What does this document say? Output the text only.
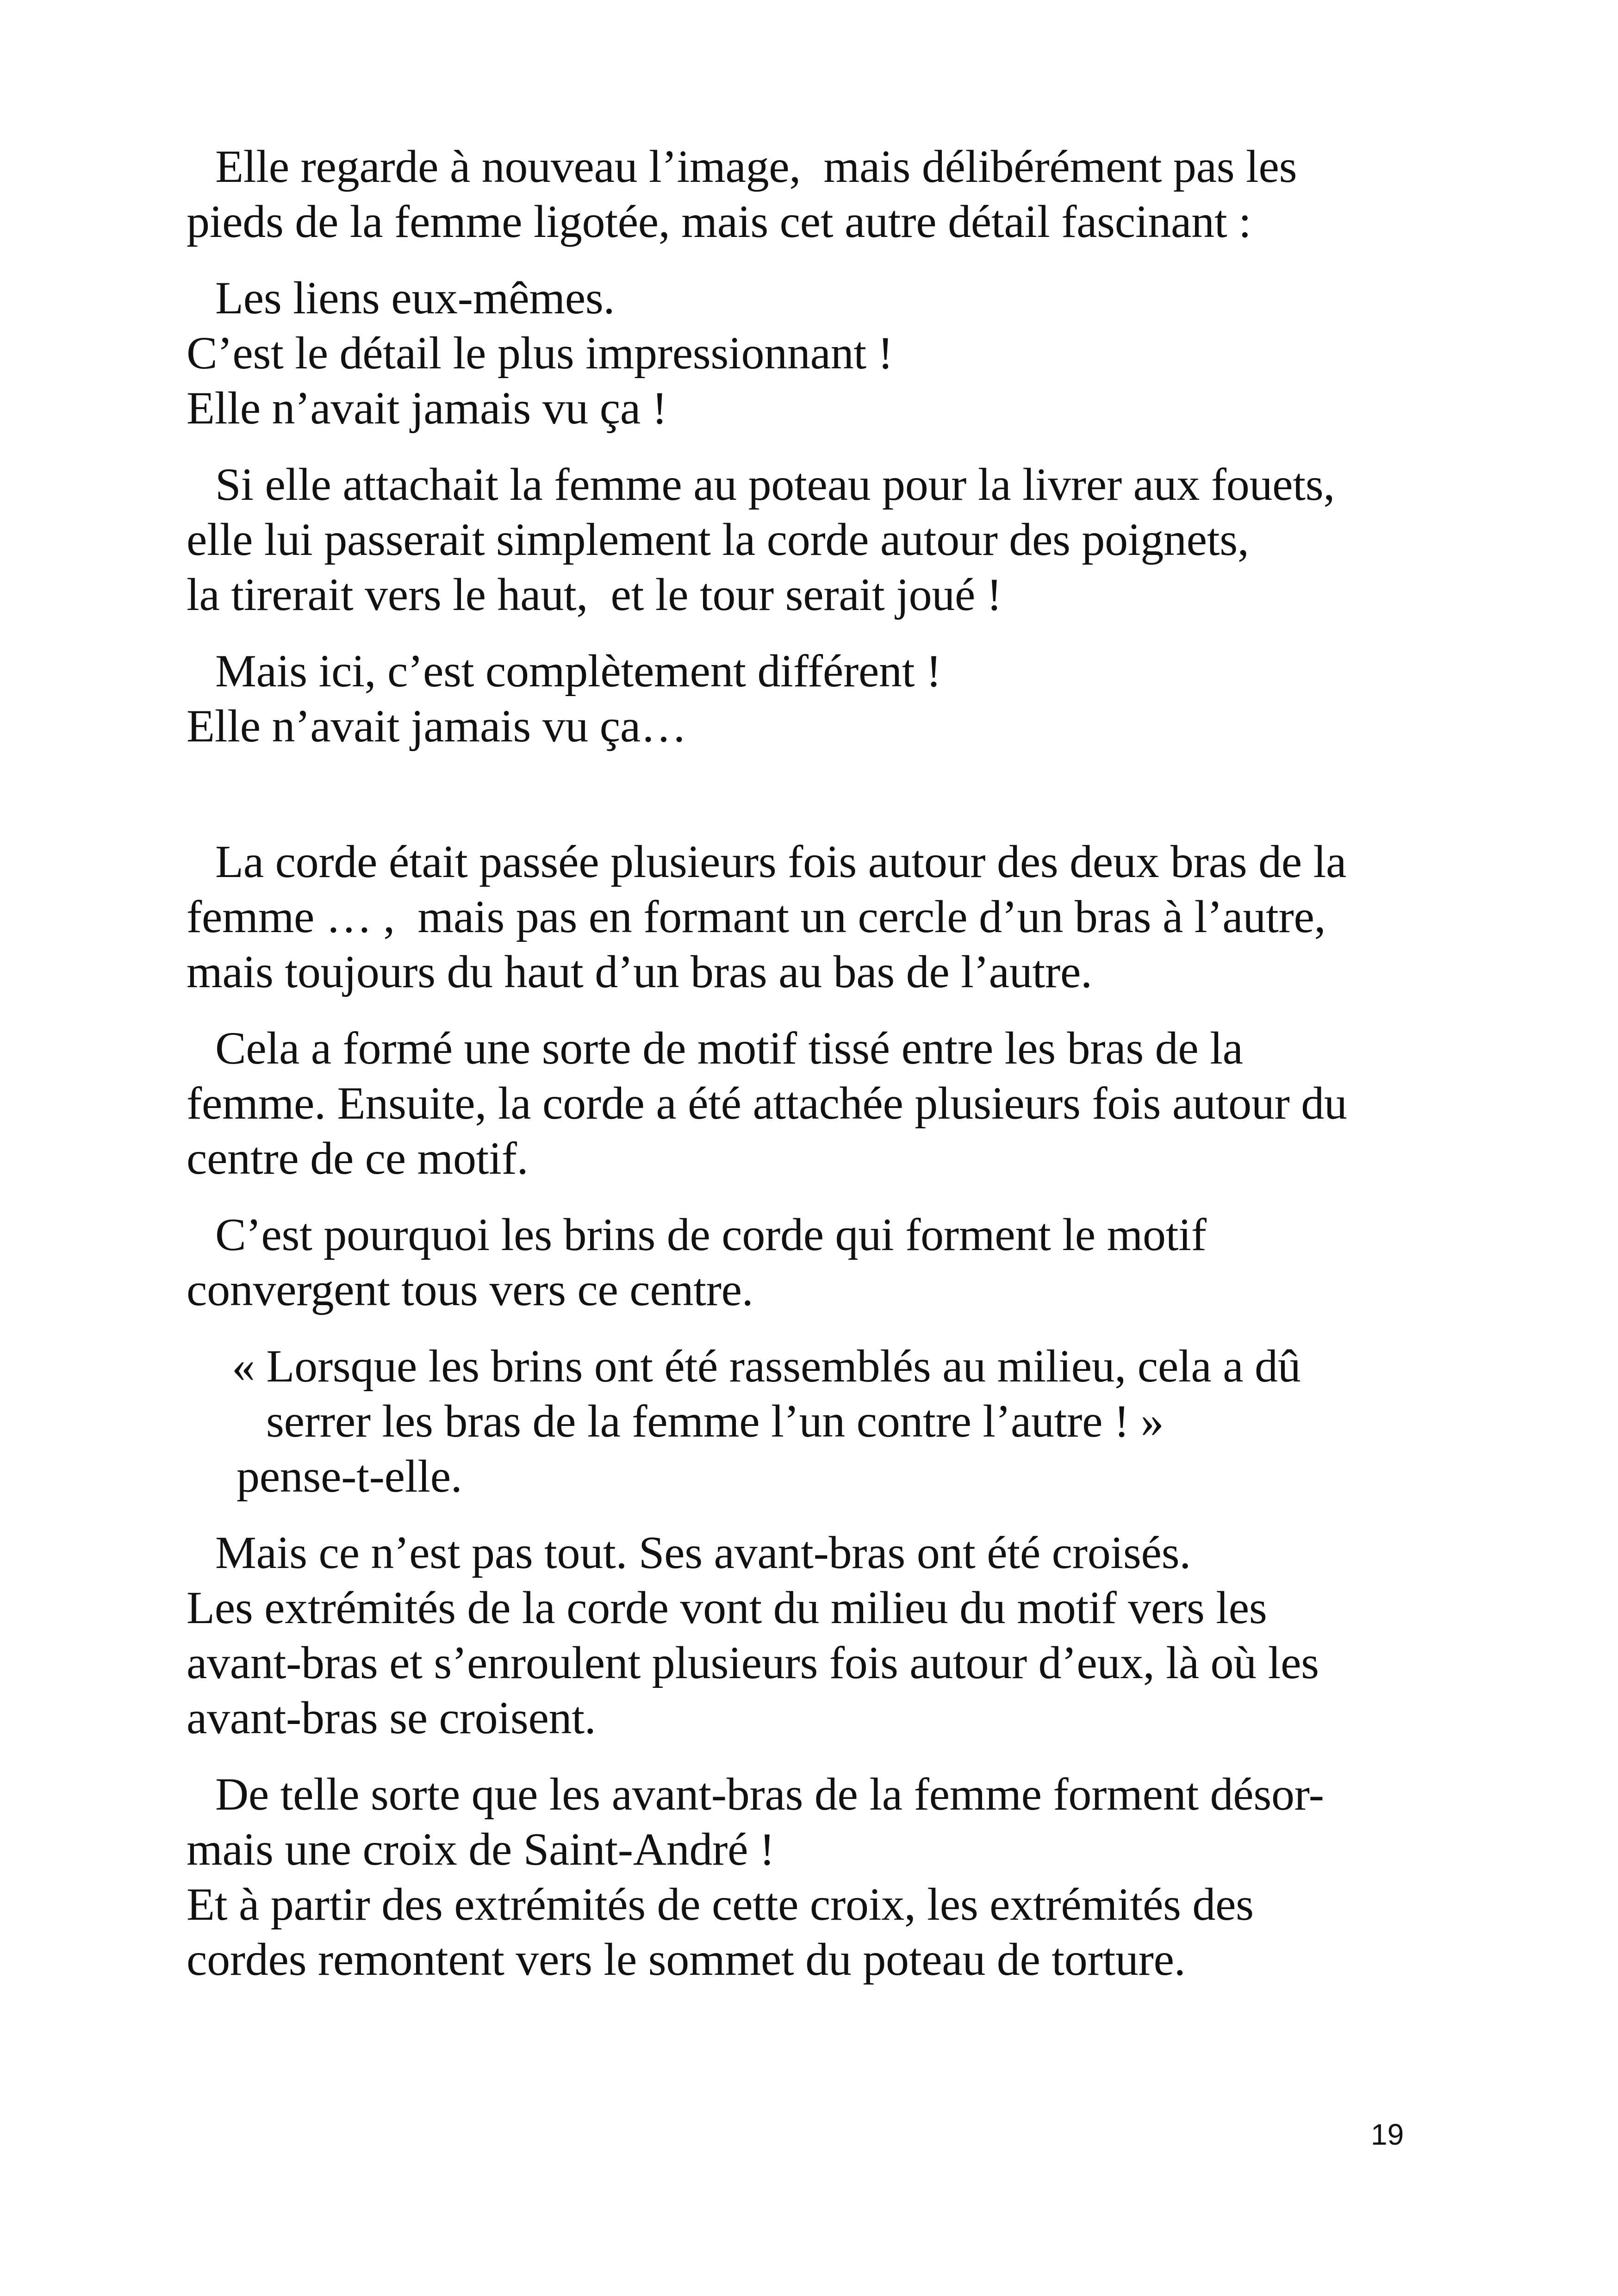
Elle regarde à nouveau l’image,  mais délibérément pas les
pieds de la femme ligotée, mais cet autre détail fascinant :

Les liens eux-mêmes.
C’est le détail le plus impressionnant !
Elle n’avait jamais vu ça !

Si elle attachait la femme au poteau pour la livrer aux fouets,
elle lui passerait simplement la corde autour des poignets,
la tirerait vers le haut,  et le tour serait joué !

Mais ici, c’est complètement différent !
Elle n’avait jamais vu ça…

La corde était passée plusieurs fois autour des deux bras de la
femme … ,  mais pas en formant un cercle d’un bras à l’autre,
mais toujours du haut d’un bras au bas de l’autre.

Cela a formé une sorte de motif tissé entre les bras de la
femme. Ensuite, la corde a été attachée plusieurs fois autour du
centre de ce motif.

C’est pourquoi les brins de corde qui forment le motif
convergent tous vers ce centre.

« Lorsque les brins ont été rassemblés au milieu, cela a dû
serrer les bras de la femme l’un contre l’autre ! »
pense-t-elle.

Mais ce n’est pas tout. Ses avant-bras ont été croisés.
Les extrémités de la corde vont du milieu du motif vers les
avant-bras et s’enroulent plusieurs fois autour d’eux, là où les
avant-bras se croisent.

De telle sorte que les avant-bras de la femme forment désor-
mais une croix de Saint-André !
Et à partir des extrémités de cette croix, les extrémités des
cordes remontent vers le sommet du poteau de torture.

19
